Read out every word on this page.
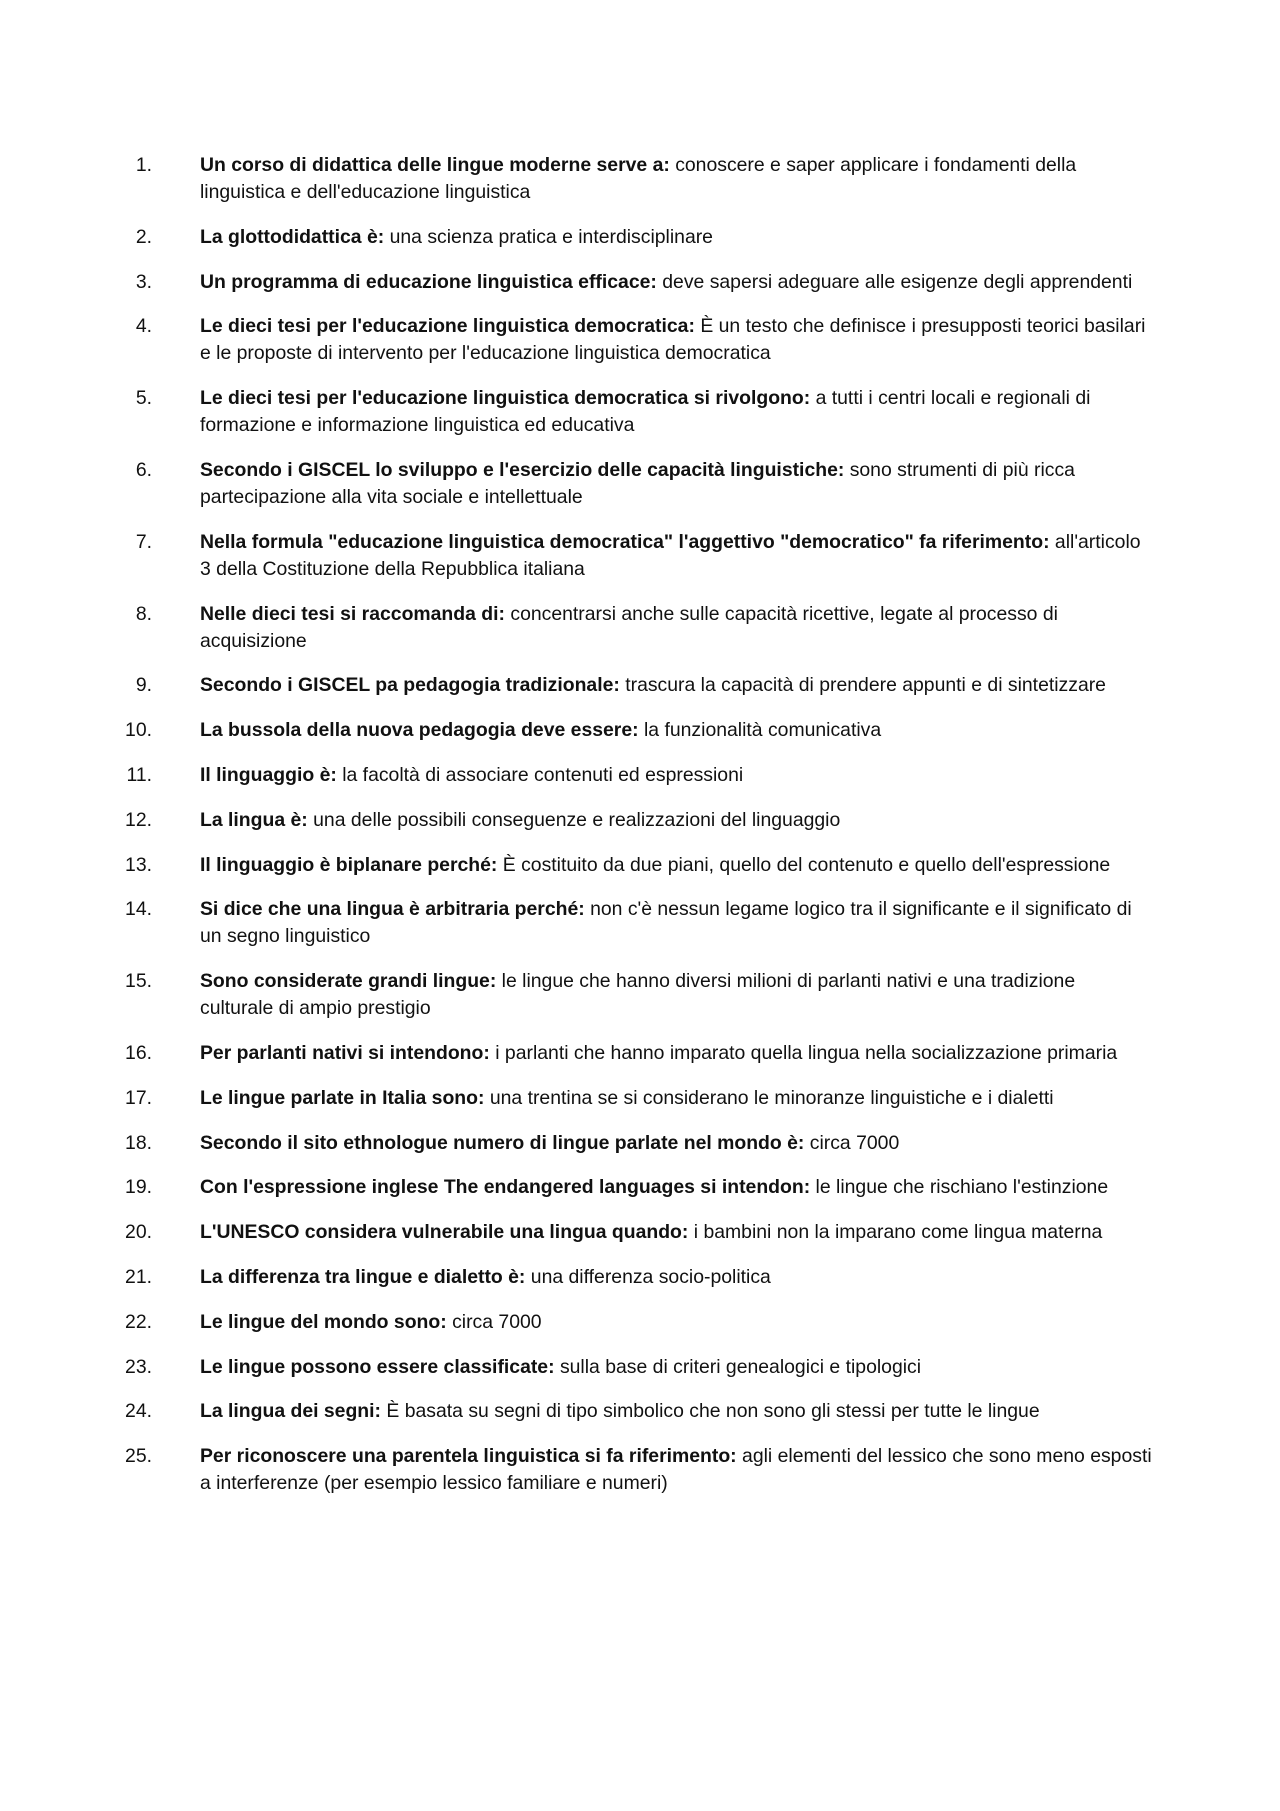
1. Un corso di didattica delle lingue moderne serve a: conoscere e saper applicare i fondamenti della linguistica e dell'educazione linguistica
2. La glottodidattica è: una scienza pratica e interdisciplinare
3. Un programma di educazione linguistica efficace: deve sapersi adeguare alle esigenze degli apprendenti
4. Le dieci tesi per l'educazione linguistica democratica: È un testo che definisce i presupposti teorici basilari e le proposte di intervento per l'educazione linguistica democratica
5. Le dieci tesi per l'educazione linguistica democratica si rivolgono: a tutti i centri locali e regionali di formazione e informazione linguistica ed educativa
6. Secondo i GISCEL lo sviluppo e l'esercizio delle capacità linguistiche: sono strumenti di più ricca partecipazione alla vita sociale e intellettuale
7. Nella formula "educazione linguistica democratica" l'aggettivo "democratico" fa riferimento: all'articolo 3 della Costituzione della Repubblica italiana
8. Nelle dieci tesi si raccomanda di: concentrarsi anche sulle capacità ricettive, legate al processo di acquisizione
9. Secondo i GISCEL pa pedagogia tradizionale: trascura la capacità di prendere appunti e di sintetizzare
10. La bussola della nuova pedagogia deve essere: la funzionalità comunicativa
11. Il linguaggio è: la facoltà di associare contenuti ed espressioni
12. La lingua è: una delle possibili conseguenze e realizzazioni del linguaggio
13. Il linguaggio è biplanare perché: È costituito da due piani, quello del contenuto e quello dell'espressione
14. Si dice che una lingua è arbitraria perché: non c'è nessun legame logico tra il significante e il significato di un segno linguistico
15. Sono considerate grandi lingue: le lingue che hanno diversi milioni di parlanti nativi e una tradizione culturale di ampio prestigio
16. Per parlanti nativi si intendono: i parlanti che hanno imparato quella lingua nella socializzazione primaria
17. Le lingue parlate in Italia sono: una trentina se si considerano le minoranze linguistiche e i dialetti
18. Secondo il sito ethnologue numero di lingue parlate nel mondo è: circa 7000
19. Con l'espressione inglese The endangered languages si intendon: le lingue che rischiano l'estinzione
20. L'UNESCO considera vulnerabile una lingua quando: i bambini non la imparano come lingua materna
21. La differenza tra lingue e dialetto è: una differenza socio-politica
22. Le lingue del mondo sono: circa 7000
23. Le lingue possono essere classificate: sulla base di criteri genealogici e tipologici
24. La lingua dei segni: È basata su segni di tipo simbolico che non sono gli stessi per tutte le lingue
25. Per riconoscere una parentela linguistica si fa riferimento: agli elementi del lessico che sono meno esposti a interferenze (per esempio lessico familiare e numeri)
